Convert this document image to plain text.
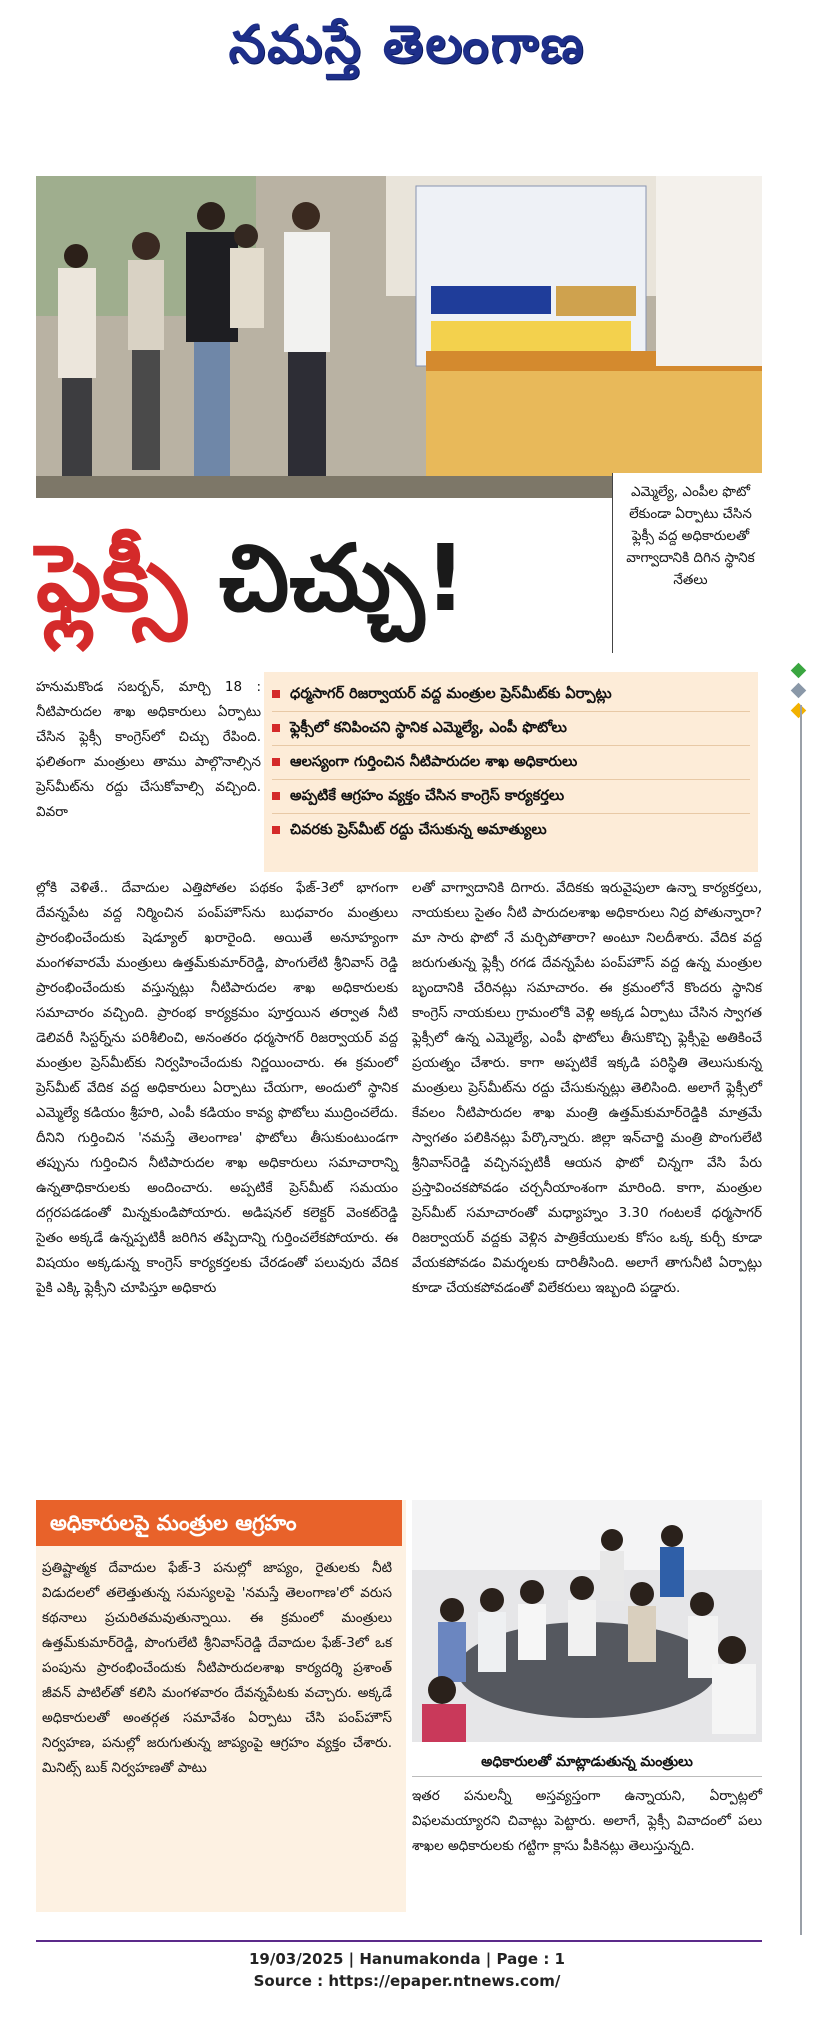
నమస్తే తెలంగాణ
ఎమ్మెల్యే, ఎంపీల ఫొటో లేకుండా ఏర్పాటు చేసిన ఫ్లెక్సీ వద్ద అధికారులతో వాగ్వాదానికి దిగిన స్థానిక నేతలు
ఫ్లెక్సీ చిచ్చు!
హనుమకొండ సబర్బన్, మార్చి 18 : నీటిపారుదల శాఖ అధికారులు ఏర్పాటు చేసిన ఫ్లెక్సీ కాంగ్రెస్‌లో చిచ్చు రేపింది. ఫలితంగా మంత్రులు తాము పాల్గొనాల్సిన ప్రెస్‌మీట్‌ను రద్దు చేసుకోవాల్సి వచ్చింది. వివరా
ధర్మసాగర్ రిజర్వాయర్ వద్ద మంత్రుల ప్రెస్‌మీట్‌కు ఏర్పాట్లు
ఫ్లెక్సీలో కనిపించని స్థానిక ఎమ్మెల్యే, ఎంపీ ఫొటోలు
ఆలస్యంగా గుర్తించిన నీటిపారుదల శాఖ అధికారులు
అప్పటికే ఆగ్రహం వ్యక్తం చేసిన కాంగ్రెస్ కార్యకర్తలు
చివరకు ప్రెస్‌మీట్ రద్దు చేసుకున్న అమాత్యులు
ల్లోకి వెళితే.. దేవాదుల ఎత్తిపోతల పథకం ఫేజ్-3లో భాగంగా దేవన్నపేట వద్ద నిర్మించిన పంప్‌హౌస్‌ను బుధవారం మంత్రులు ప్రారంభించేందుకు షెడ్యూల్ ఖరారైంది. అయితే అనూహ్యంగా మంగళవారమే మంత్రులు ఉత్తమ్‌కుమార్‌రెడ్డి, పొంగులేటి శ్రీనివాస్ రెడ్డి ప్రారంభించేందుకు వస్తున్నట్లు నీటిపారుదల శాఖ అధికారులకు సమాచారం వచ్చింది. ప్రారంభ కార్యక్రమం పూర్తయిన తర్వాత నీటి డెలివరీ సిస్టర్న్‌ను పరిశీలించి, అనంతరం ధర్మసాగర్ రిజర్వాయర్ వద్ద మంత్రుల ప్రెస్‌మీట్‌కు నిర్వహించేందుకు నిర్ణయించారు. ఈ క్రమంలో ప్రెస్‌మీట్ వేదిక వద్ద అధికారులు ఏర్పాటు చేయగా, అందులో స్థానిక ఎమ్మెల్యే కడియం శ్రీహరి, ఎంపీ కడియం కావ్య ఫొటోలు ముద్రించలేదు. దీనిని గుర్తించిన 'నమస్తే తెలంగాణ' ఫొటోలు తీసుకుంటుండగా తప్పును గుర్తించిన నీటిపారుదల శాఖ అధికారులు సమాచారాన్ని ఉన్నతాధికారులకు అందించారు. అప్పటికే ప్రెస్‌మీట్ సమయం దగ్గరపడడంతో మిన్నకుండిపోయారు. అడిషనల్ కలెక్టర్ వెంకట్‌రెడ్డి సైతం అక్కడే ఉన్నప్పటికీ జరిగిన తప్పిదాన్ని గుర్తించలేకపోయారు. ఈ విషయం అక్కడున్న కాంగ్రెస్ కార్యకర్తలకు చేరడంతో పలువురు వేదిక పైకి ఎక్కి ఫ్లెక్సీని చూపిస్తూ అధికారు
లతో వాగ్వాదానికి దిగారు. వేదికకు ఇరువైపులా ఉన్నా కార్యకర్తలు, నాయకులు సైతం నీటి పారుదలశాఖ అధికారులు నిద్ర పోతున్నారా? మా సారు ఫొటో నే మర్చిపోతారా? అంటూ నిలదీశారు. వేదిక వద్ద జరుగుతున్న ఫ్లెక్సీ రగడ దేవన్నపేట పంప్‌హౌస్ వద్ద ఉన్న మంత్రుల బృందానికి చేరినట్లు సమాచారం. ఈ క్రమంలోనే కొందరు స్థానిక కాంగ్రెస్ నాయకులు గ్రామంలోకి వెళ్లి అక్కడ ఏర్పాటు చేసిన స్వాగత ఫ్లెక్సీలో ఉన్న ఎమ్మెల్యే, ఎంపీ ఫొటోలు తీసుకొచ్చి ఫ్లెక్సీపై అతికించే ప్రయత్నం చేశారు. కాగా అప్పటికే ఇక్కడి పరిస్థితి తెలుసుకున్న మంత్రులు ప్రెస్‌మీట్‌ను రద్దు చేసుకున్నట్లు తెలిసింది. అలాగే ఫ్లెక్సీలో కేవలం నీటిపారుదల శాఖ మంత్రి ఉత్తమ్‌కుమార్‌రెడ్డికి మాత్రమే స్వాగతం పలికినట్లు పేర్కొన్నారు. జిల్లా ఇన్‌చార్జి మంత్రి పొంగులేటి శ్రీనివాస్‌రెడ్డి వచ్చినప్పటికీ ఆయన ఫొటో చిన్నగా వేసి పేరు ప్రస్తావించకపోవడం చర్చనీయాంశంగా మారింది. కాగా, మంత్రుల ప్రెస్‌మీట్ సమాచారంతో మధ్యాహ్నం 3.30 గంటలకే ధర్మసాగర్ రిజర్వాయర్ వద్దకు వెళ్లిన పాత్రికేయులకు కోసం ఒక్క కుర్చీ కూడా వేయకపోవడం విమర్శలకు దారితీసింది. అలాగే తాగునీటి ఏర్పాట్లు కూడా చేయకపోవడంతో విలేకరులు ఇబ్బంది పడ్డారు.
అధికారులపై మంత్రుల ఆగ్రహం
ప్రతిష్టాత్మక దేవాదుల ఫేజ్-3 పనుల్లో జాప్యం, రైతులకు నీటి విడుదలలో తలెత్తుతున్న సమస్యలపై 'నమస్తే తెలంగాణ'లో వరుస కథనాలు ప్రచురితమవుతున్నాయి. ఈ క్రమంలో మంత్రులు ఉత్తమ్‌కుమార్‌రెడ్డి, పొంగులేటి శ్రీనివాస్‌రెడ్డి దేవాదుల ఫేజ్-3లో ఒక పంపును ప్రారంభించేందుకు నీటిపారుదలశాఖ కార్యదర్శి ప్రశాంత్ జీవన్ పాటిల్‌తో కలిసి మంగళవారం దేవన్నపేటకు వచ్చారు. అక్కడే అధికారులతో అంతర్గత సమావేశం ఏర్పాటు చేసి పంప్‌హౌస్ నిర్వహణ, పనుల్లో జరుగుతున్న జాప్యంపై ఆగ్రహం వ్యక్తం చేశారు. మినిట్స్ బుక్ నిర్వహణతో పాటు	అధికారులతో మాట్లాడుతున్న మంత్రులు
ఇతర పనులన్నీ అస్తవ్యస్తంగా ఉన్నాయని, ఏర్పాట్లలో విఫలమయ్యారని చివాట్లు పెట్టారు. అలాగే, ఫ్లెక్సీ వివాదంలో పలు శాఖల అధికారులకు గట్టిగా క్లాసు పీకినట్లు తెలుస్తున్నది.
19/03/2025 | Hanumakonda | Page : 1
Source : https://epaper.ntnews.com/
